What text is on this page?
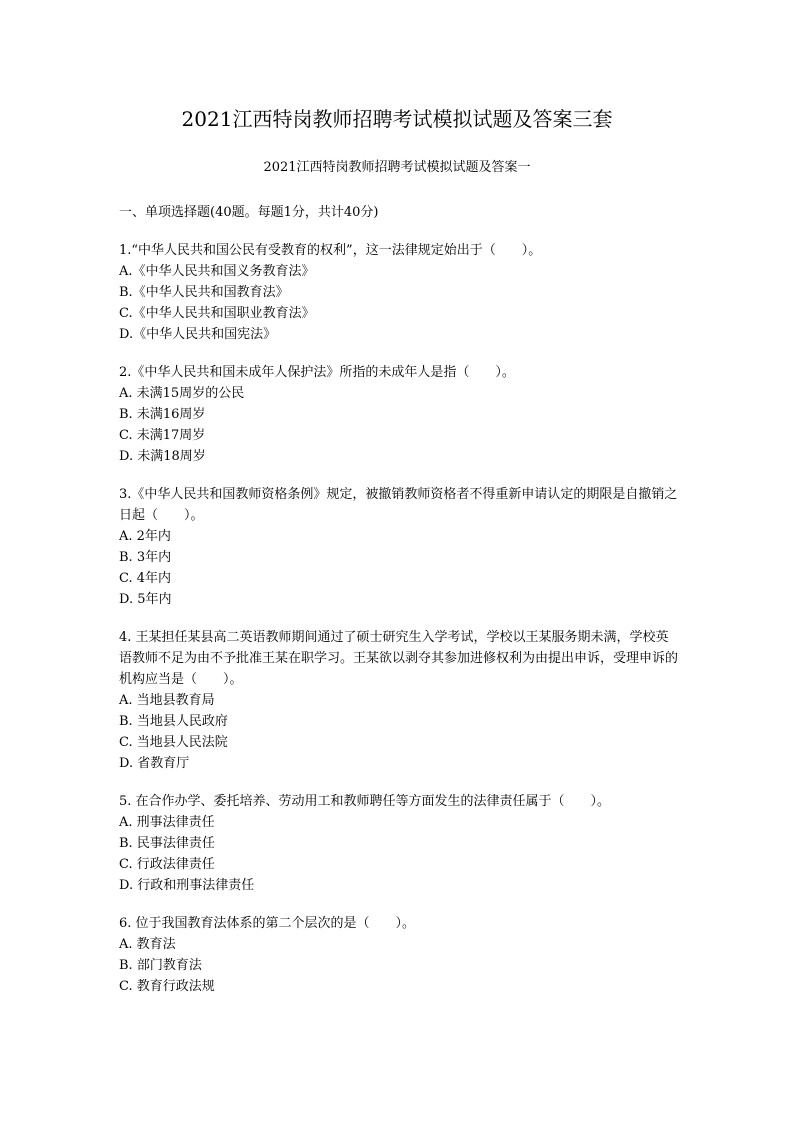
2021江西特岗教师招聘考试模拟试题及答案三套
2021江西特岗教师招聘考试模拟试题及答案一

一、单项选择题(40题。每题1分，共计40分)

1.“中华人民共和国公民有受教育的权利”，这一法律规定始出于（　　）。

A.《中华人民共和国义务教育法》

B.《中华人民共和国教育法》

C.《中华人民共和国职业教育法》

D.《中华人民共和国宪法》

2.《中华人民共和国未成年人保护法》所指的未成年人是指（　　）。

A. 未满15周岁的公民

B. 未满16周岁

C. 未满17周岁

D. 未满18周岁

3.《中华人民共和国教师资格条例》规定，被撤销教师资格者不得重新申请认定的期限是自撤销之日起（　　）。

A. 2年内

B. 3年内

C. 4年内

D. 5年内

4. 王某担任某县高二英语教师期间通过了硕士研究生入学考试，学校以王某服务期未满，学校英语教师不足为由不予批准王某在职学习。王某欲以剥夺其参加进修权利为由提出申诉，受理申诉的机构应当是（　　）。

A. 当地县教育局

B. 当地县人民政府

C. 当地县人民法院

D. 省教育厅

5. 在合作办学、委托培养、劳动用工和教师聘任等方面发生的法律责任属于（　　）。

A. 刑事法律责任

B. 民事法律责任

C. 行政法律责任

D. 行政和刑事法律责任

6. 位于我国教育法体系的第二个层次的是（　　）。

A. 教育法

B. 部门教育法

C. 教育行政法规
